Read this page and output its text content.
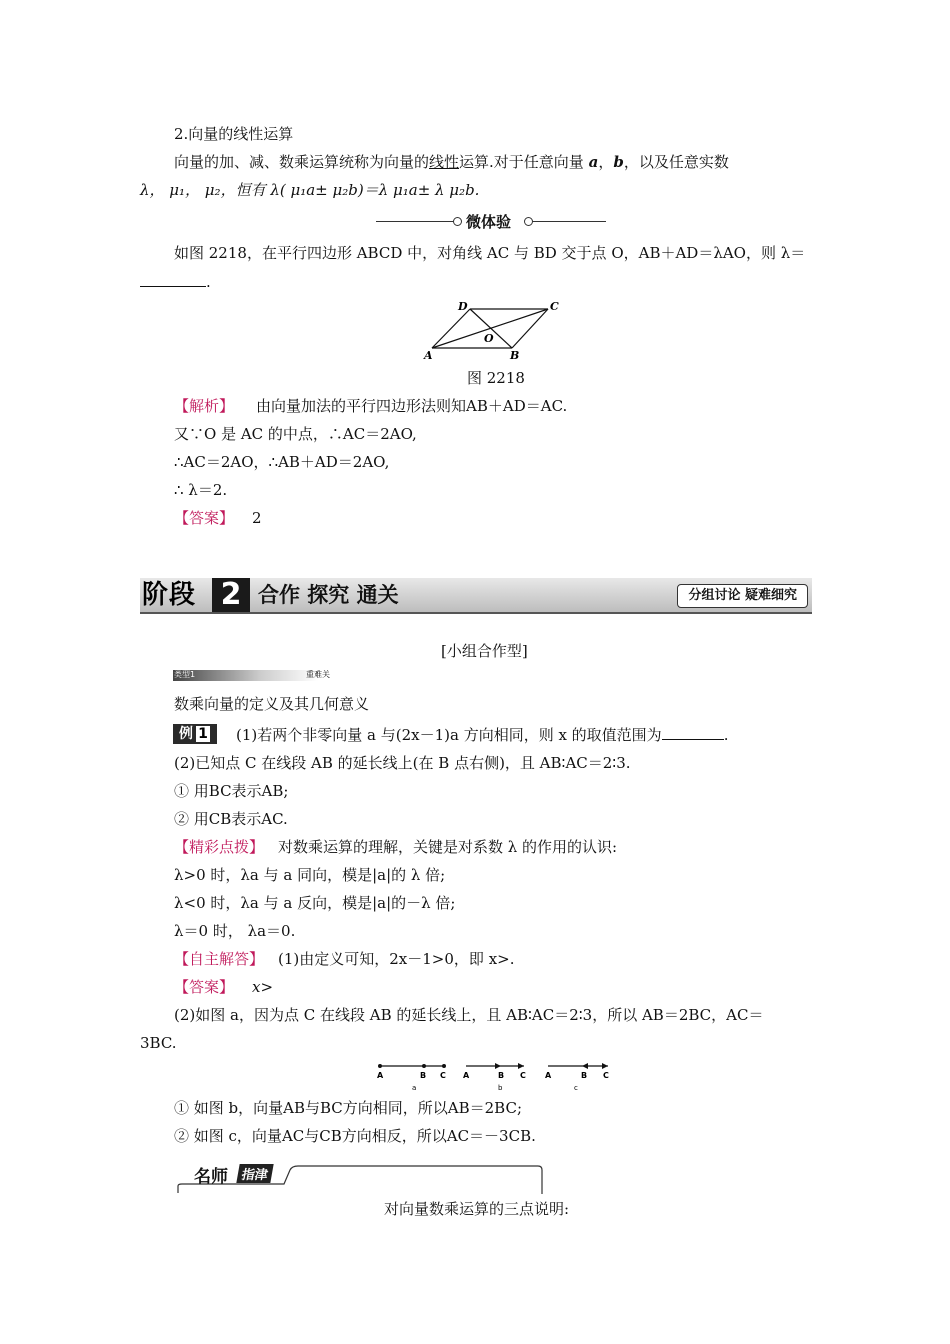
2.向量的线性运算
向量的加、减、数乘运算统称为向量的线性运算.对于任意向量 a，b，以及任意实数
λ， μ₁， μ₂，恒有 λ( μ₁a± μ₂b)＝λ μ₁a± λ μ₂b.
微体验
如图 2218，在平行四边形 ABCD 中，对角线 AC 与 BD 交于点 O，AB＋AD＝λAO，则 λ＝
.
A	B
C
D
O
图 2218
【解析】 由向量加法的平行四边形法则知AB＋AD＝AC.
又∵O 是 AC 的中点，∴AC＝2AO,
∴AC＝2AO，∴AB＋AD＝2AO,
∴ λ＝2.
【答案】 2
阶段 2 合作 探究 通关	分组讨论 疑难细究
[小组合作型]
类型1	重难关
数乘向量的定义及其几何意义
例 1	(1)若两个非零向量 a 与(2x－1)a 方向相同，则 x 的取值范围为	.
(2)已知点 C 在线段 AB 的延长线上(在 B 点右侧)，且 AB∶AC＝2∶3.
① 用BC表示AB;
② 用CB表示AC.
【精彩点拨】 对数乘运算的理解，关键是对系数 λ 的作用的认识:
λ>0 时，λa 与 a 同向，模是|a|的 λ 倍;
λ<0 时，λa 与 a 反向，模是|a|的－λ 倍;
λ＝0 时， λa＝0.
【自主解答】 (1)由定义可知，2x－1>0，即 x>.
【答案】 x>
(2)如图 a，因为点 C 在线段 AB 的延长线上，且 AB∶AC＝2∶3，所以 AB＝2BC，AC＝
3BC.
A	B C
a
A	B C
b
A	B C
c
① 如图 b，向量AB与BC方向相同，所以AB＝2BC;
② 如图 c，向量AC与CB方向相反，所以AC＝－3CB.
名师 指津
对向量数乘运算的三点说明:
